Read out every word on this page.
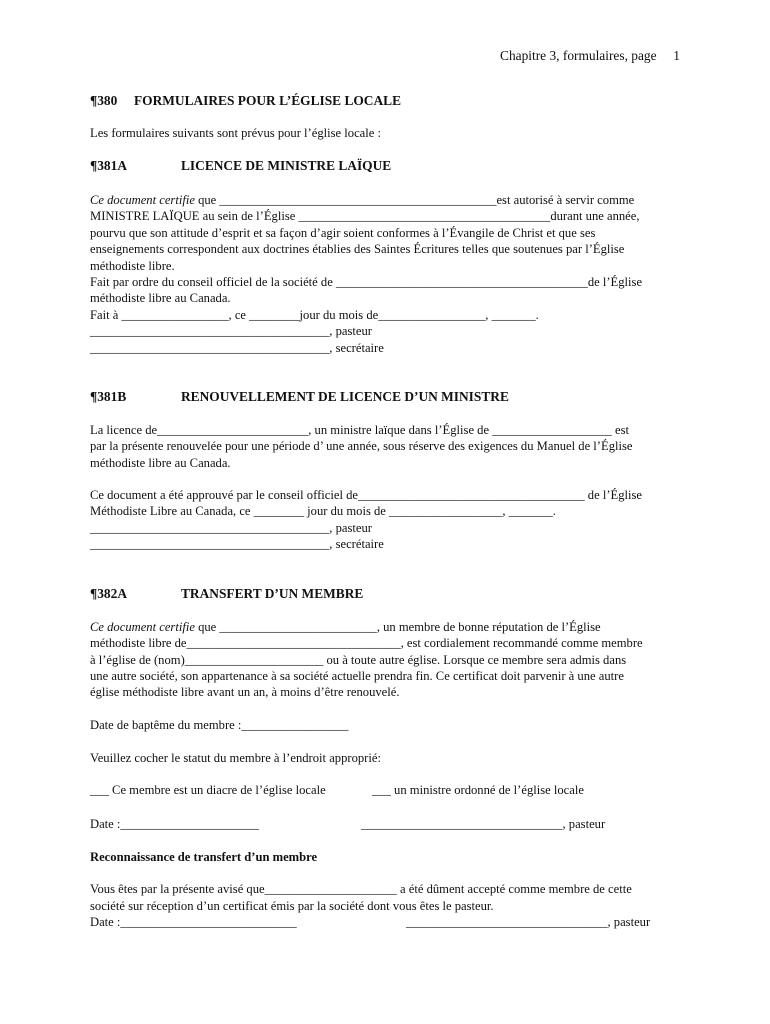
Chapitre 3, formulaires, page     1
¶380 FORMULAIRES POUR L’ÉGLISE LOCALE
Les formulaires suivants sont prévus pour l’église locale :
¶381A	LICENCE DE MINISTRE LAÏQUE
Ce document certifie que ____________________________________________est autorisé à servir comme
MINISTRE LAÏQUE au sein de l’Église ________________________________________durant une année,
pourvu que son attitude d’esprit et sa façon d’agir soient conformes à l’Évangile de Christ et que ses
enseignements correspondent aux doctrines établies des Saintes Écritures telles que soutenues par l’Église
méthodiste libre.
Fait par ordre du conseil officiel de la société de ________________________________________de l’Église
méthodiste libre au Canada.
Fait à _________________, ce ________jour du mois de_________________, _______.
______________________________________, pasteur
______________________________________, secrétaire
¶381B	RENOUVELLEMENT DE LICENCE D’UN MINISTRE
La licence de________________________, un ministre laïque dans l’Église de ___________________ est
par la présente renouvelée pour une période d’ une année, sous réserve des exigences du Manuel de l’Église
méthodiste libre au Canada.
Ce document a été approuvé par le conseil officiel de____________________________________ de l’Église
Méthodiste Libre au Canada, ce ________ jour du mois de __________________, _______.
______________________________________, pasteur
______________________________________, secrétaire
¶382A	TRANSFERT D’UN MEMBRE
Ce document certifie que _________________________, un membre de bonne réputation de l’Église
méthodiste libre de__________________________________, est cordialement recommandé comme membre
à l’église de (nom)______________________ ou à toute autre église. Lorsque ce membre sera admis dans
une autre société, son appartenance à sa société actuelle prendra fin. Ce certificat doit parvenir à une autre
église méthodiste libre avant un an, à moins d’être renouvelé.
Date de baptême du membre :_________________
Veuillez cocher le statut du membre à l’endroit approprié:
___ Ce membre est un diacre de l’église locale	___ un ministre ordonné de l’église locale
Date :______________________	________________________________, pasteur
Reconnaissance de transfert d’un membre
Vous êtes par la présente avisé que_____________________ a été dûment accepté comme membre de cette
société sur réception d’un certificat émis par la société dont vous êtes le pasteur.
Date :____________________________	________________________________, pasteur
